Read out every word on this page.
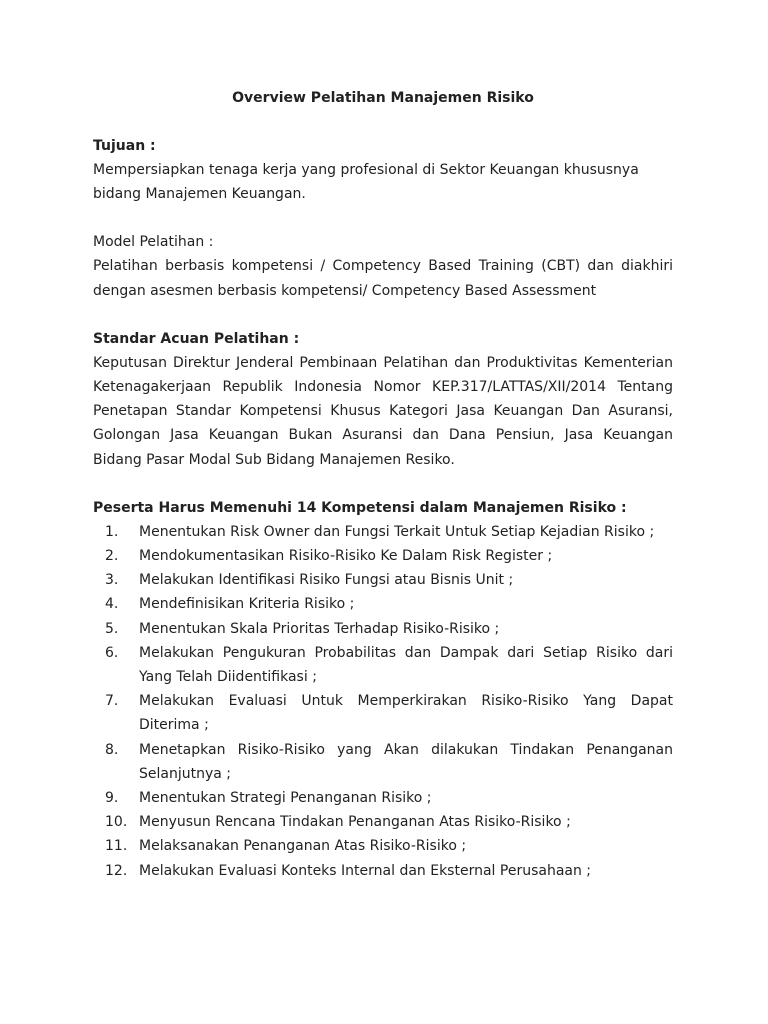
Overview Pelatihan Manajemen Risiko

Tujuan :

Mempersiapkan tenaga kerja yang profesional di Sektor Keuangan khususnya bidang Manajemen Keuangan.

Model Pelatihan :

Pelatihan berbasis kompetensi / Competency Based Training (CBT) dan diakhiri dengan asesmen berbasis kompetensi/ Competency Based Assessment

Standar Acuan Pelatihan :

Keputusan Direktur Jenderal Pembinaan Pelatihan dan Produktivitas Kementerian Ketenagakerjaan Republik Indonesia Nomor KEP.317/LATTAS/XII/2014 Tentang Penetapan Standar Kompetensi Khusus Kategori Jasa Keuangan Dan Asuransi, Golongan Jasa Keuangan Bukan Asuransi dan Dana Pensiun, Jasa Keuangan Bidang Pasar Modal Sub Bidang Manajemen Resiko.

Peserta Harus Memenuhi 14 Kompetensi dalam Manajemen Risiko :

1.	Menentukan Risk Owner dan Fungsi Terkait Untuk Setiap Kejadian Risiko ;
2.	Mendokumentasikan Risiko-Risiko Ke Dalam Risk Register ;
3.	Melakukan Identifikasi Risiko Fungsi atau Bisnis Unit ;
4.	Mendefinisikan Kriteria Risiko ;
5.	Menentukan Skala Prioritas Terhadap Risiko-Risiko ;
6.	Melakukan Pengukuran Probabilitas dan Dampak dari Setiap Risiko dari Yang Telah Diidentifikasi ;
7.	Melakukan Evaluasi Untuk Memperkirakan Risiko-Risiko Yang Dapat Diterima ;
8.	Menetapkan Risiko-Risiko yang Akan dilakukan Tindakan Penanganan Selanjutnya ;
9.	Menentukan Strategi Penanganan Risiko ;
10. Menyusun Rencana Tindakan Penanganan Atas Risiko-Risiko ;
11. Melaksanakan Penanganan Atas Risiko-Risiko ;
12. Melakukan Evaluasi Konteks Internal dan Eksternal Perusahaan ;
